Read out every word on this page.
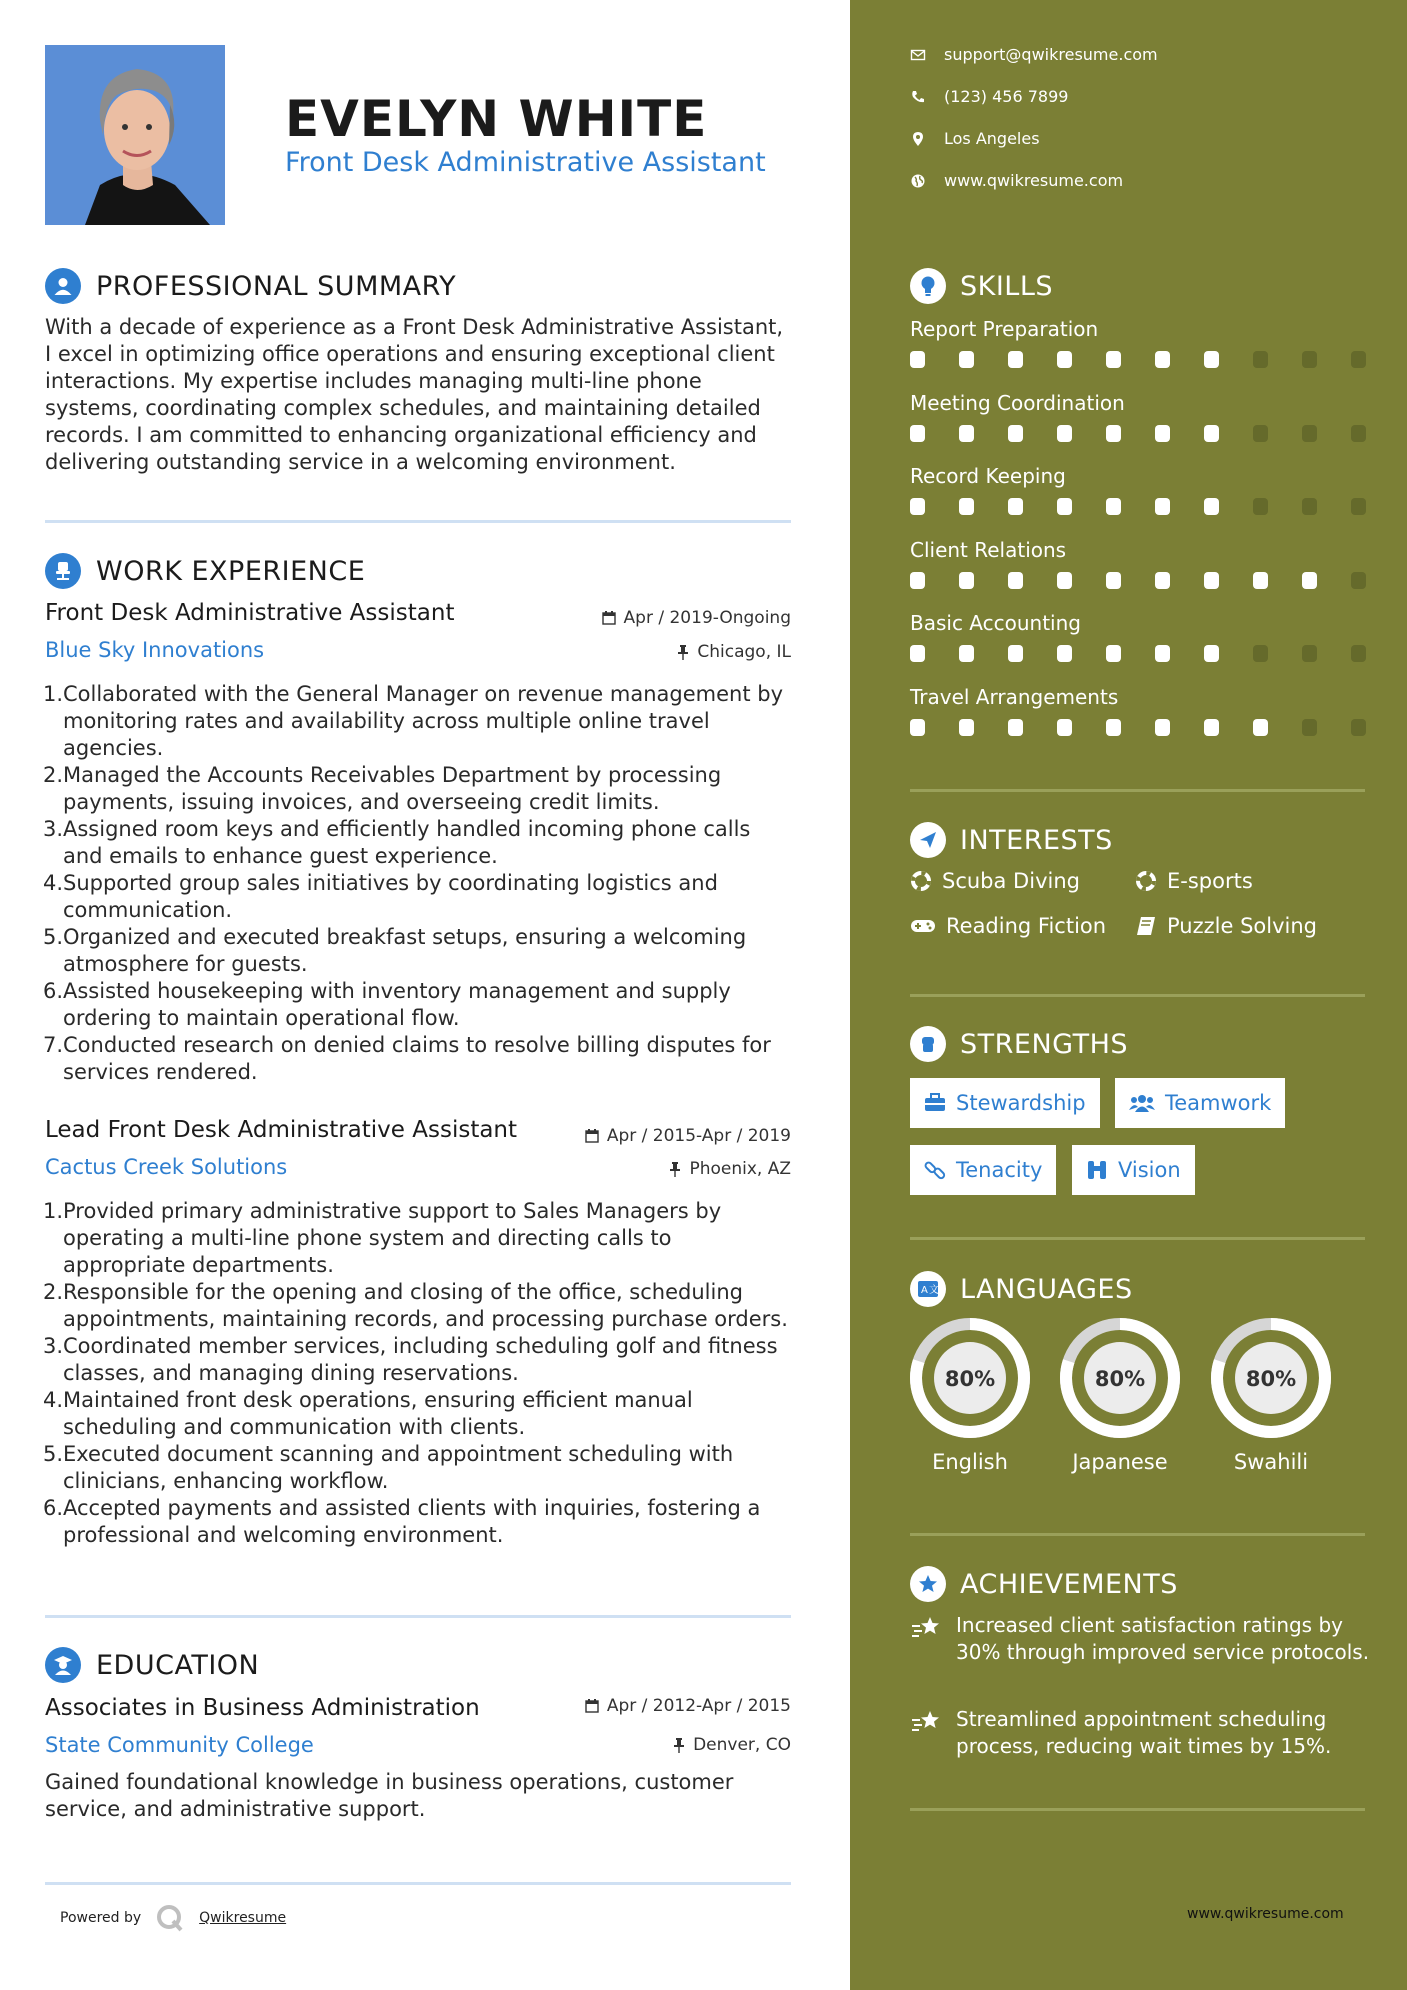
EVELYN WHITE
Front Desk Administrative Assistant
PROFESSIONAL SUMMARY

With a decade of experience as a Front Desk Administrative Assistant, I excel in optimizing office operations and ensuring exceptional client interactions. My expertise includes managing multi-line phone systems, coordinating complex schedules, and maintaining detailed records. I am committed to enhancing organizational efficiency and delivering outstanding service in a welcoming environment.

WORK EXPERIENCE
Front Desk Administrative Assistant	Apr / 2019-Ongoing
Blue Sky Innovations	Chicago, IL
1. Collaborated with the General Manager on revenue management by monitoring rates and availability across multiple online travel agencies.
2. Managed the Accounts Receivables Department by processing payments, issuing invoices, and overseeing credit limits.
3. Assigned room keys and efficiently handled incoming phone calls and emails to enhance guest experience.
4. Supported group sales initiatives by coordinating logistics and communication.
5. Organized and executed breakfast setups, ensuring a welcoming atmosphere for guests.
6. Assisted housekeeping with inventory management and supply ordering to maintain operational flow.
7. Conducted research on denied claims to resolve billing disputes for services rendered.
Lead Front Desk Administrative Assistant	Apr / 2015-Apr / 2019
Cactus Creek Solutions	Phoenix, AZ
1. Provided primary administrative support to Sales Managers by operating a multi-line phone system and directing calls to appropriate departments.
2. Responsible for the opening and closing of the office, scheduling appointments, maintaining records, and processing purchase orders.
3. Coordinated member services, including scheduling golf and fitness classes, and managing dining reservations.
4. Maintained front desk operations, ensuring efficient manual scheduling and communication with clients.
5. Executed document scanning and appointment scheduling with clinicians, enhancing workflow.
6. Accepted payments and assisted clients with inquiries, fostering a professional and welcoming environment.
EDUCATION
Associates in Business Administration	Apr / 2012-Apr / 2015
State Community College	Denver, CO

Gained foundational knowledge in business operations, customer service, and administrative support.

Powered by	Qwikresume
support@qwikresume.com
(123) 456 7899
Los Angeles
www.qwikresume.com
SKILLS
Report Preparation
Meeting Coordination
Record Keeping
Client Relations
Basic Accounting
Travel Arrangements
INTERESTS
Scuba Diving	E-sports
Reading Fiction	Puzzle Solving
STRENGTHS
Stewardship	Teamwork
Tenacity	Vision
A 文 LANGUAGES
80%
English
80%
Japanese
80%
Swahili
ACHIEVEMENTS
Increased client satisfaction ratings by 30% through improved service protocols.
Streamlined appointment scheduling process, reducing wait times by 15%.
www.qwikresume.com
